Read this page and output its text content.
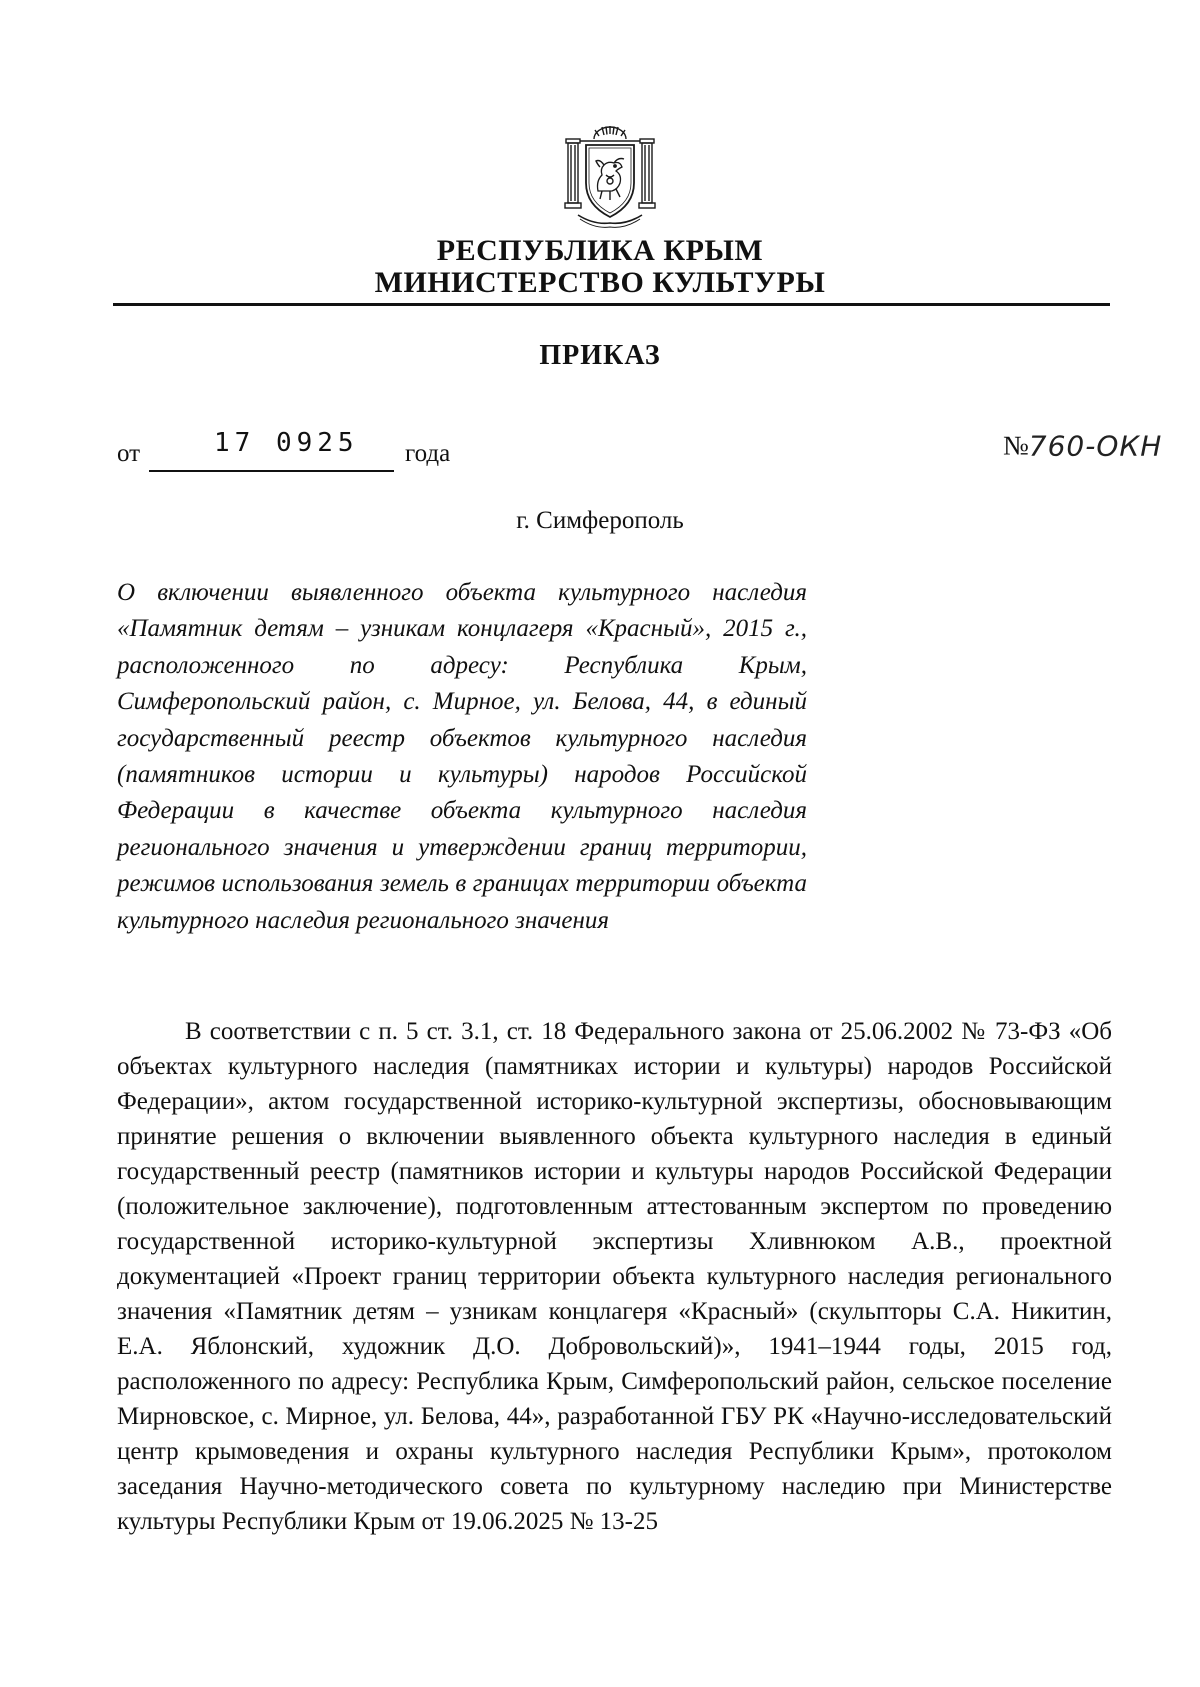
РЕСПУБЛИКА КРЫМ
МИНИСТЕРСТВО КУЛЬТУРЫ
ПРИКАЗ
от	17 0925 года	№760-ОКН
г. Симферополь

О включении выявленного объекта культурного наследия «Памятник детям – узникам концлагеря «Красный», 2015 г., расположенного по адресу: Республика Крым, Симферопольский район, с. Мирное, ул. Белова, 44, в единый государственный реестр объектов культурного наследия (памятников истории и культуры) народов Российской Федерации в качестве объекта культурного наследия регионального значения и утверждении границ территории, режимов использования земель в границах территории объекта культурного наследия регионального значения

В соответствии с п. 5 ст. 3.1, ст. 18 Федерального закона от 25.06.2002 № 73-ФЗ «Об объектах культурного наследия (памятниках истории и культуры) народов Российской Федерации», актом государственной историко-культурной экспертизы, обосновывающим принятие решения о включении выявленного объекта культурного наследия в единый государственный реестр (памятников истории и культуры народов Российской Федерации (положительное заключение), подготовленным аттестованным экспертом по проведению государственной историко-культурной экспертизы Хливнюком А.В., проектной документацией «Проект границ территории объекта культурного наследия регионального значения «Памятник детям – узникам концлагеря «Красный» (скульпторы С.А. Никитин, Е.А. Яблонский, художник Д.О. Добровольский)», 1941–1944 годы, 2015 год, расположенного по адресу: Республика Крым, Симферопольский район, сельское поселение Мирновское, с. Мирное, ул. Белова, 44», разработанной ГБУ РК «Научно-исследовательский центр крымоведения и охраны культурного наследия Республики Крым», протоколом заседания Научно-методического совета по культурному наследию при Министерстве культуры Республики Крым от 19.06.2025 № 13-25
